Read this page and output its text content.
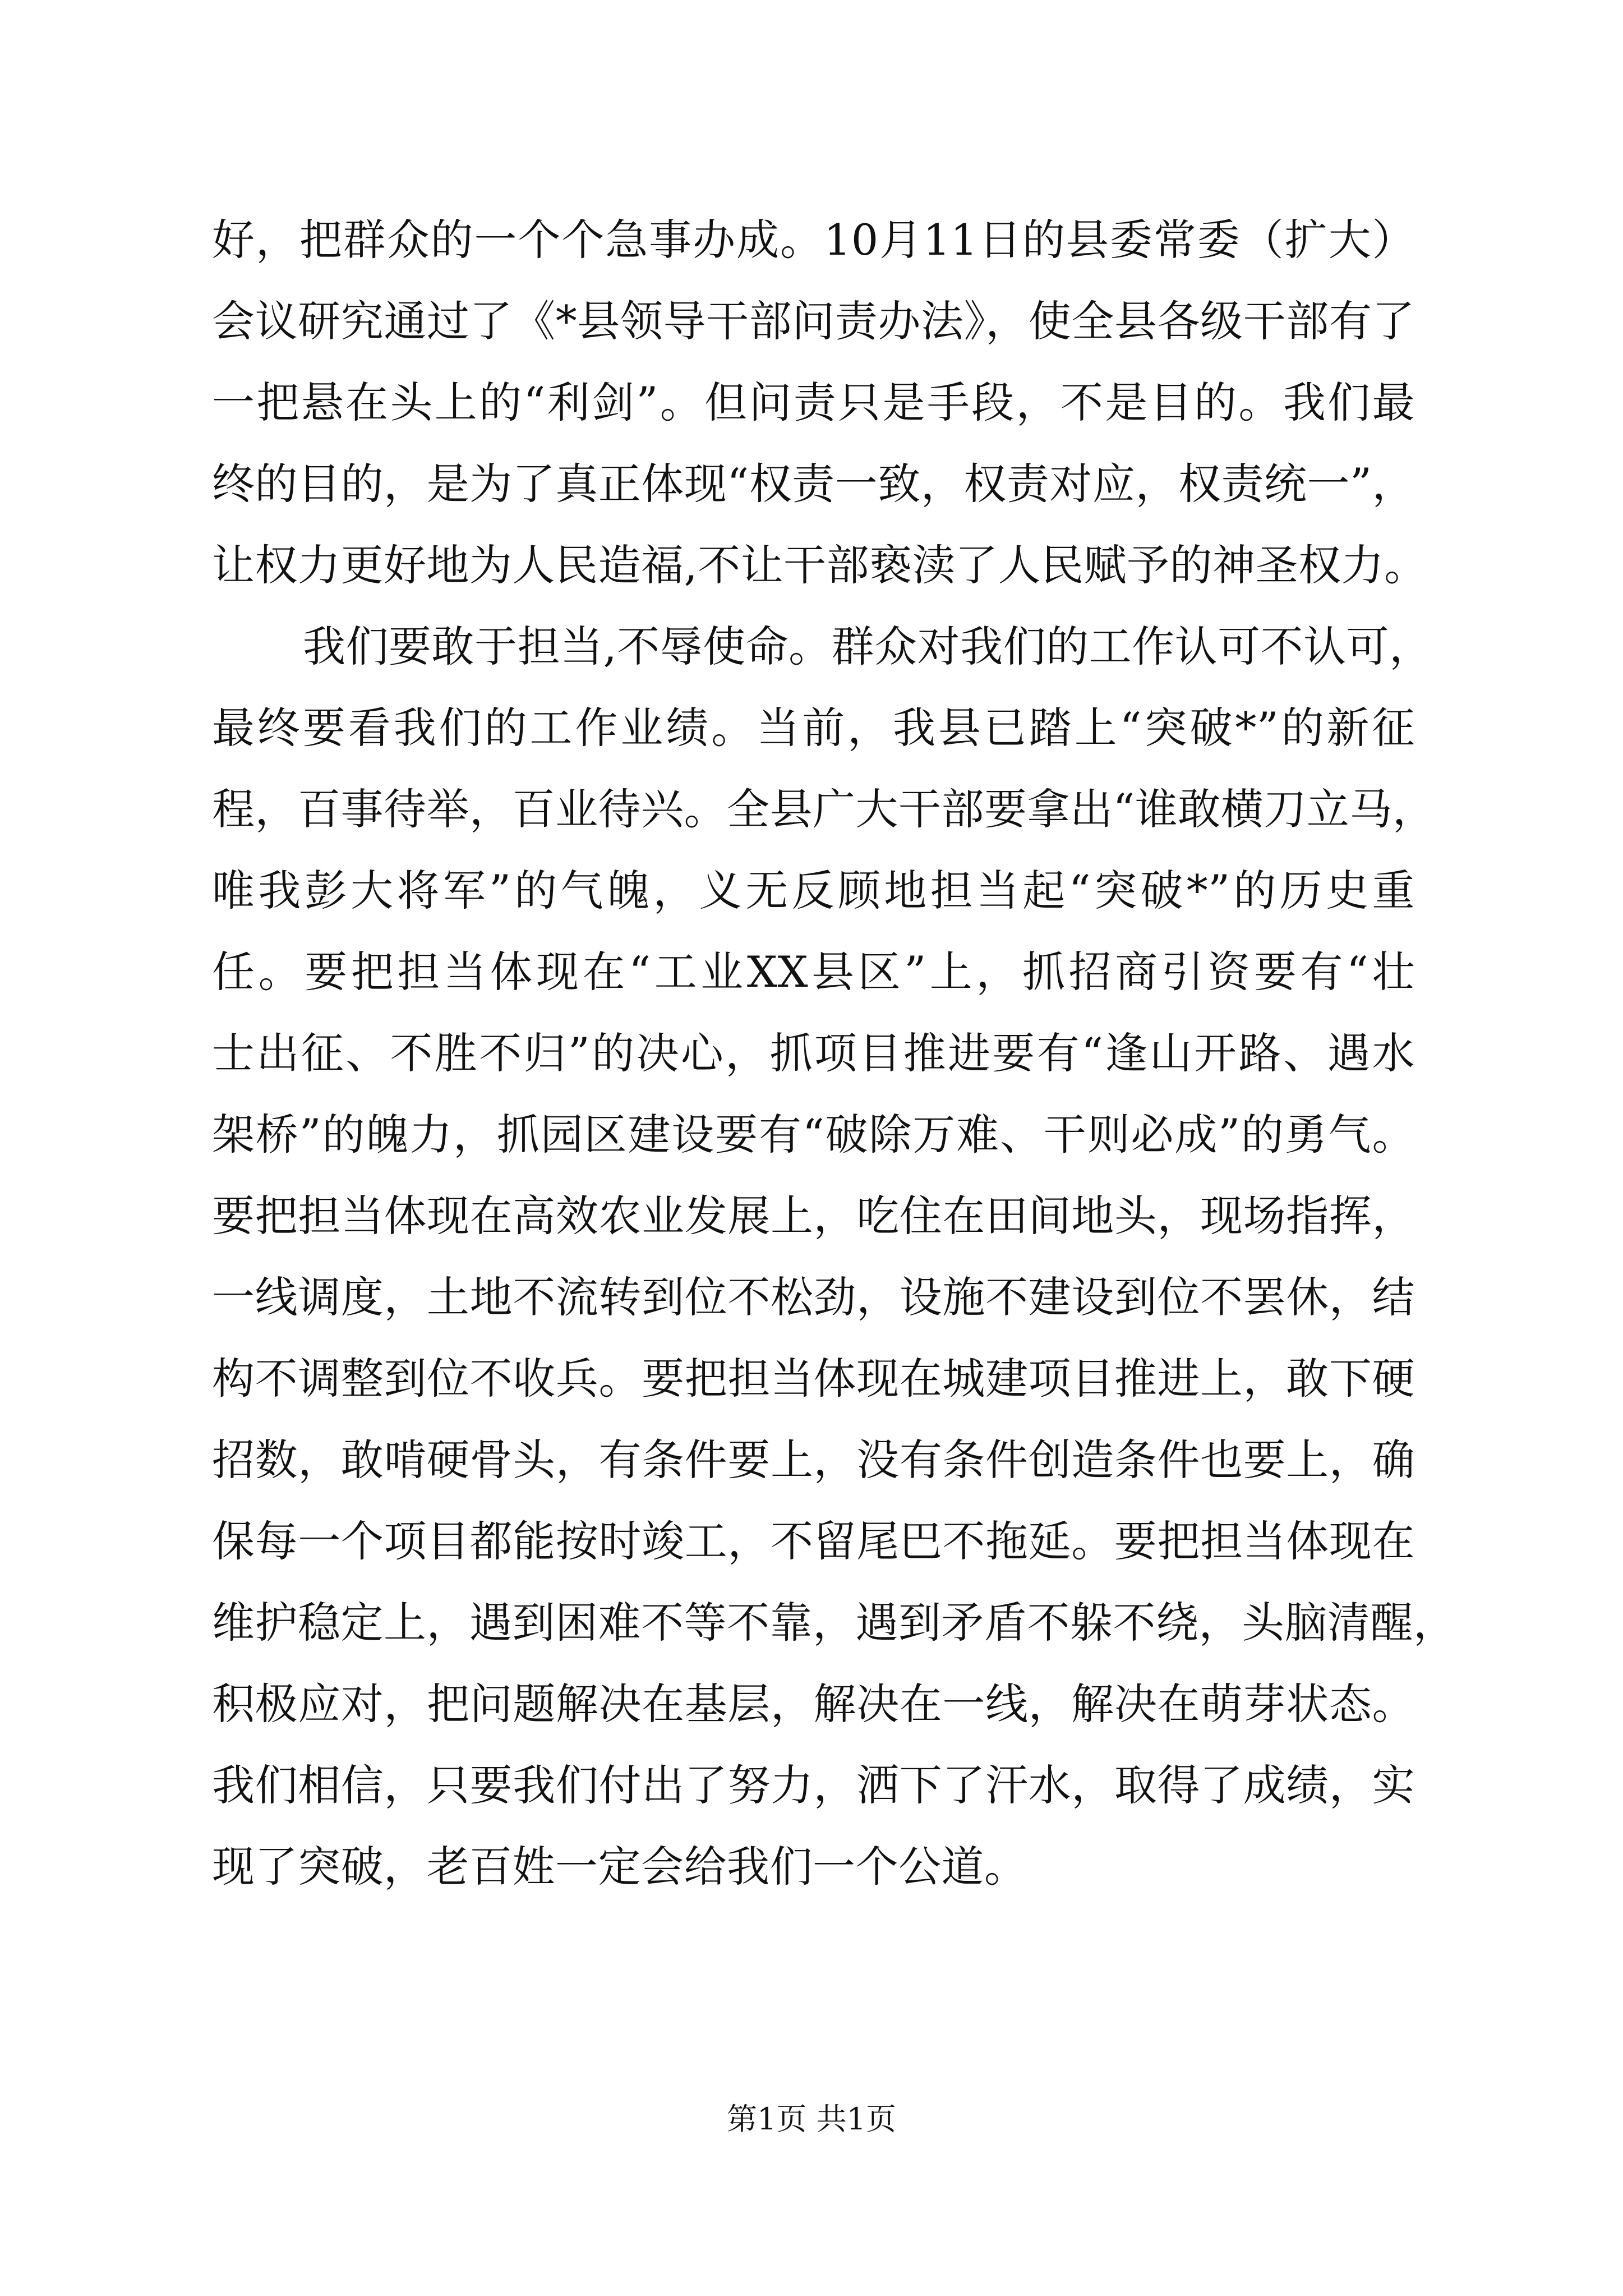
好，把群众的一个个急事办成。10月11日的县委常委（扩大）
会议研究通过了《*县领导干部问责办法》，使全县各级干部有了
一把悬在头上的“利剑”。但问责只是手段，不是目的。我们最
终的目的，是为了真正体现“权责一致，权责对应，权责统一”，
让权力更好地为人民造福,不让干部亵渎了人民赋予的神圣权力。
我们要敢于担当,不辱使命。群众对我们的工作认可不认可，
最终要看我们的工作业绩。当前，我县已踏上“突破*”的新征
程，百事待举，百业待兴。全县广大干部要拿出“谁敢横刀立马，
唯我彭大将军”的气魄，义无反顾地担当起“突破*”的历史重
任。要把担当体现在“工业XX县区”上，抓招商引资要有“壮
士出征、不胜不归”的决心，抓项目推进要有“逢山开路、遇水
架桥”的魄力，抓园区建设要有“破除万难、干则必成”的勇气。
要把担当体现在高效农业发展上，吃住在田间地头，现场指挥，
一线调度，土地不流转到位不松劲，设施不建设到位不罢休，结
构不调整到位不收兵。要把担当体现在城建项目推进上，敢下硬
招数，敢啃硬骨头，有条件要上，没有条件创造条件也要上，确
保每一个项目都能按时竣工，不留尾巴不拖延。要把担当体现在
维护稳定上，遇到困难不等不靠，遇到矛盾不躲不绕，头脑清醒，
积极应对，把问题解决在基层，解决在一线，解决在萌芽状态。
我们相信，只要我们付出了努力，洒下了汗水，取得了成绩，实
现了突破，老百姓一定会给我们一个公道。
第1页 共1页
